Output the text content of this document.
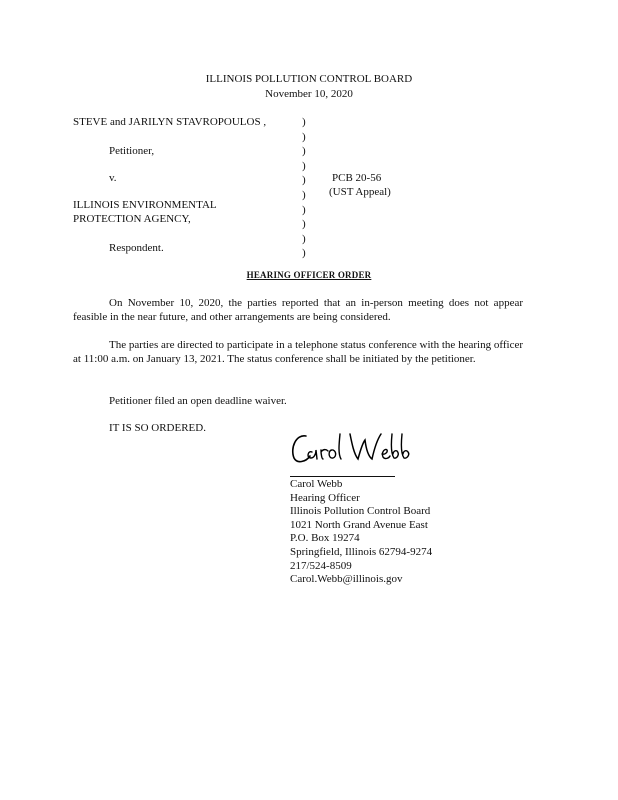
ILLINOIS POLLUTION CONTROL BOARD
November 10, 2020
STEVE and JARILYN STAVROPOULOS ,
Petitioner,
v.
ILLINOIS ENVIRONMENTAL
PROTECTION AGENCY,
Respondent.
)
)
)
)
)
)
)
)
)
)
PCB 20-56
(UST Appeal)
HEARING OFFICER ORDER
On November 10, 2020, the parties reported that an in-person meeting does not appear feasible in the near future, and other arrangements are being considered.
The parties are directed to participate in a telephone status conference with the hearing officer at 11:00 a.m. on January 13, 2021. The status conference shall be initiated by the petitioner.
Petitioner filed an open deadline waiver.
IT IS SO ORDERED.
Carol Webb
Hearing Officer
Illinois Pollution Control Board
1021 North Grand Avenue East
P.O. Box 19274
Springfield, Illinois 62794-9274
217/524-8509
Carol.Webb@illinois.gov
